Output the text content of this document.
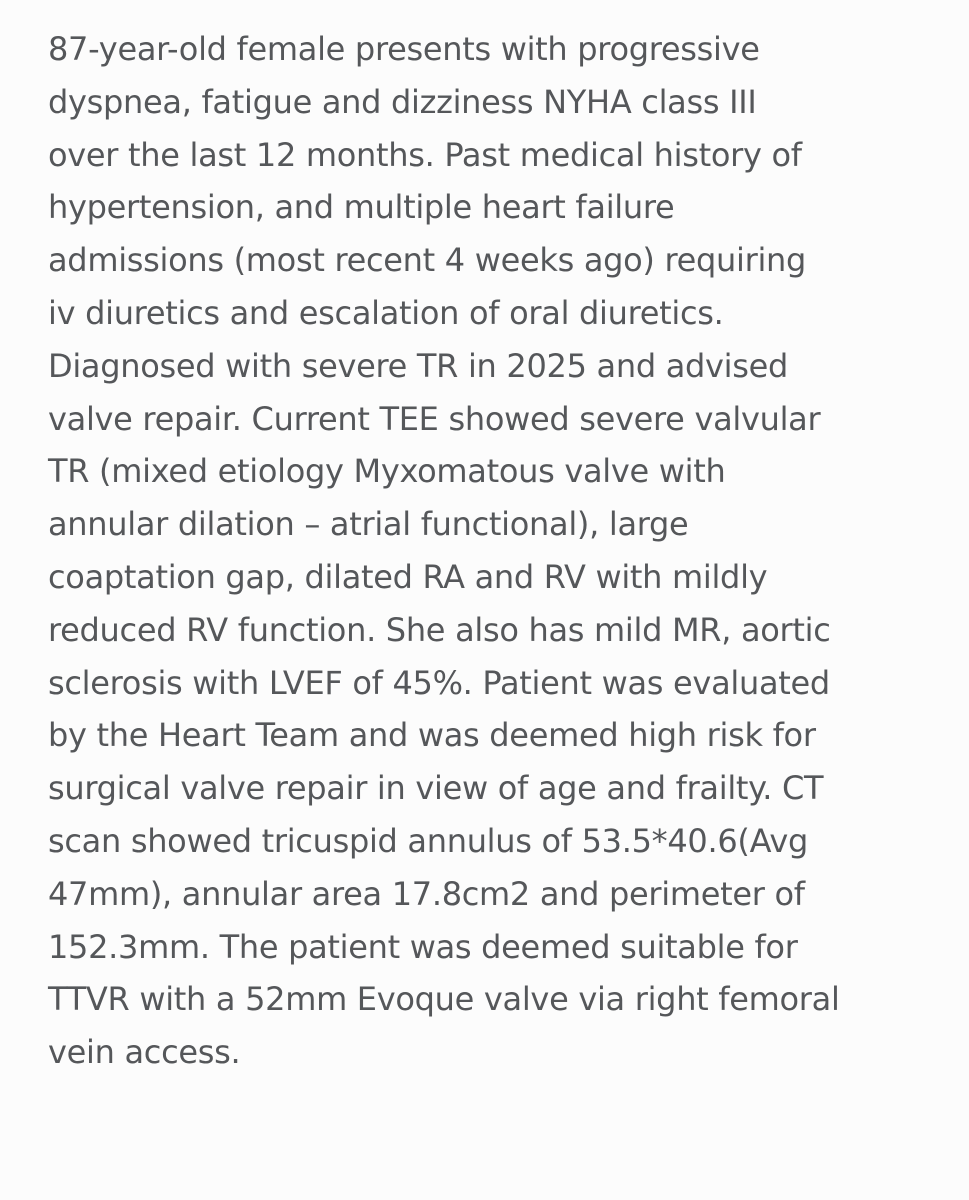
87-year-old female presents with progressive
dyspnea, fatigue and dizziness NYHA class III
over the last 12 months. Past medical history of
hypertension, and multiple heart failure
admissions (most recent 4 weeks ago) requiring
iv diuretics and escalation of oral diuretics.
Diagnosed with severe TR in 2025 and advised
valve repair. Current TEE showed severe valvular
TR (mixed etiology Myxomatous valve with
annular dilation – atrial functional), large
coaptation gap, dilated RA and RV with mildly
reduced RV function. She also has mild MR, aortic
sclerosis with LVEF of 45%. Patient was evaluated
by the Heart Team and was deemed high risk for
surgical valve repair in view of age and frailty. CT
scan showed tricuspid annulus of 53.5*40.6(Avg
47mm), annular area 17.8cm2 and perimeter of
152.3mm. The patient was deemed suitable for
TTVR with a 52mm Evoque valve via right femoral
vein access.
